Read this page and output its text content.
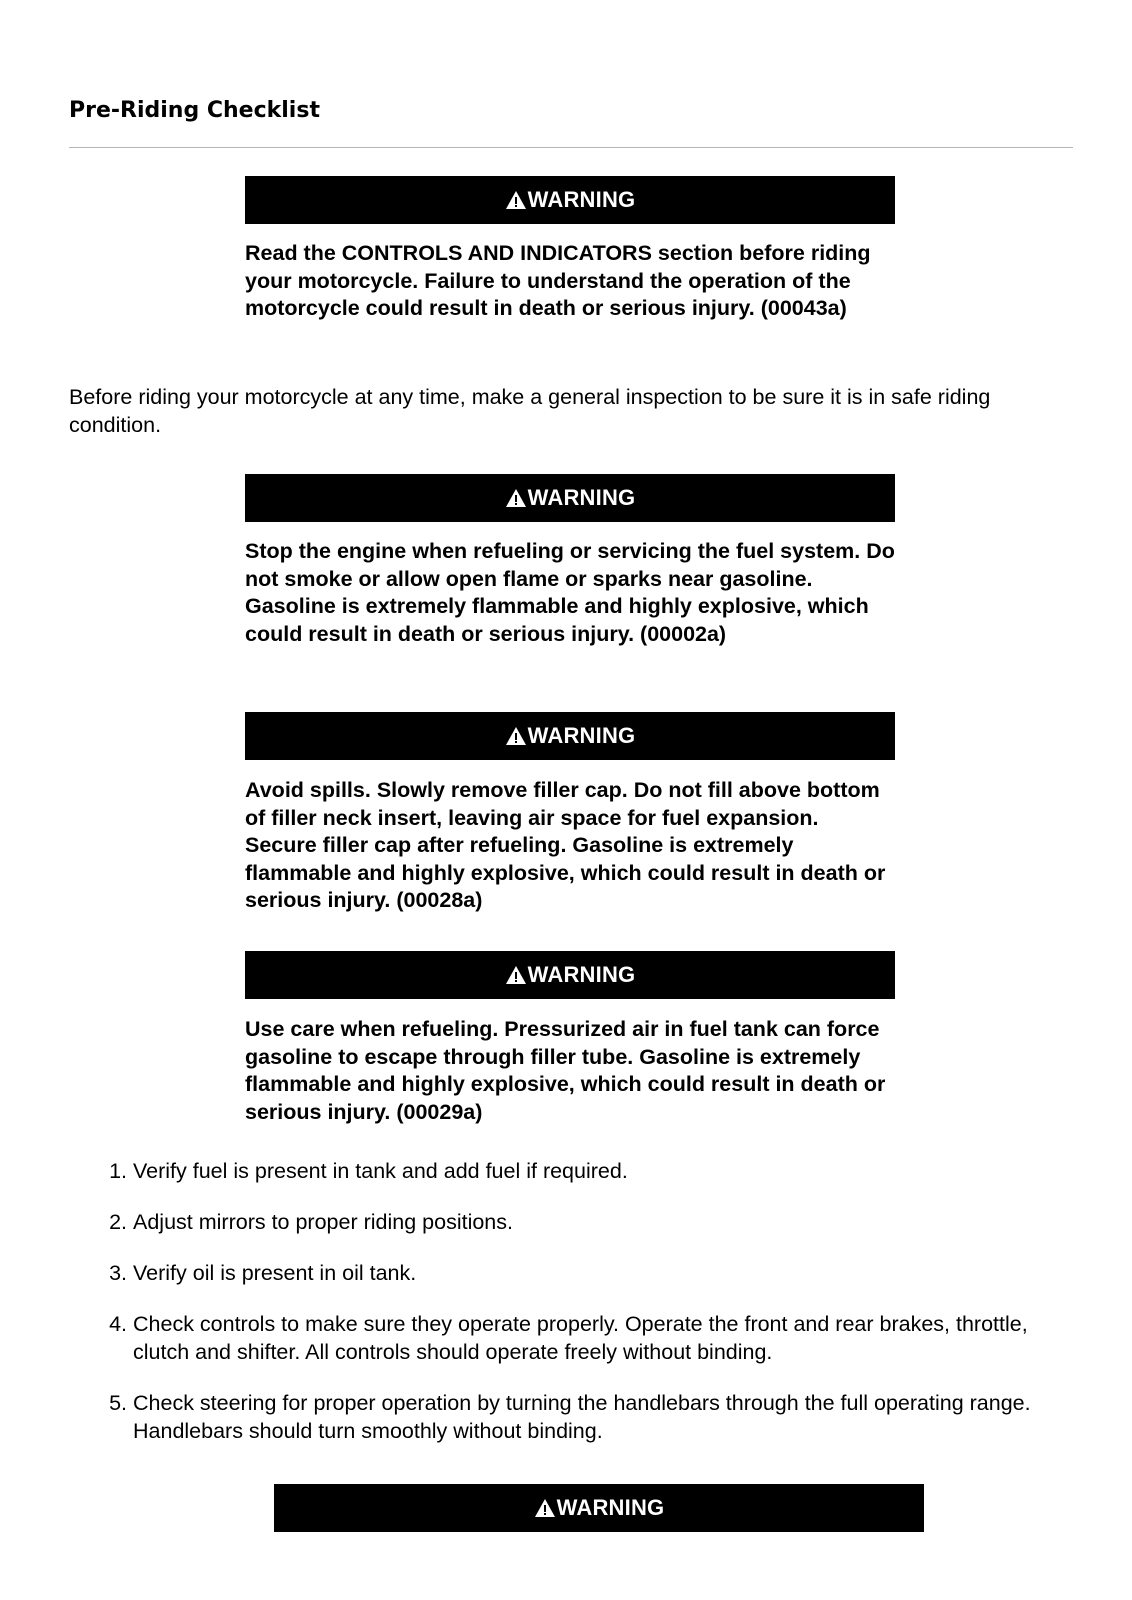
Pre-Riding Checklist
WARNING

Read the CONTROLS AND INDICATORS section before riding your motorcycle. Failure to understand the operation of the motorcycle could result in death or serious injury. (00043a)

Before riding your motorcycle at any time, make a general inspection to be sure it is in safe riding condition.

WARNING

Stop the engine when refueling or servicing the fuel system. Do not smoke or allow open flame or sparks near gasoline. Gasoline is extremely flammable and highly explosive, which could result in death or serious injury. (00002a)

WARNING

Avoid spills. Slowly remove filler cap. Do not fill above bottom of filler neck insert, leaving air space for fuel expansion. Secure filler cap after refueling. Gasoline is extremely flammable and highly explosive, which could result in death or serious injury. (00028a)

WARNING

Use care when refueling. Pressurized air in fuel tank can force gasoline to escape through filler tube. Gasoline is extremely flammable and highly explosive, which could result in death or serious injury. (00029a)

1. Verify fuel is present in tank and add fuel if required.
2. Adjust mirrors to proper riding positions.
3. Verify oil is present in oil tank.
4. Check controls to make sure they operate properly. Operate the front and rear brakes, throttle, clutch and shifter. All controls should operate freely without binding.
5. Check steering for proper operation by turning the handlebars through the full operating range. Handlebars should turn smoothly without binding.
WARNING
